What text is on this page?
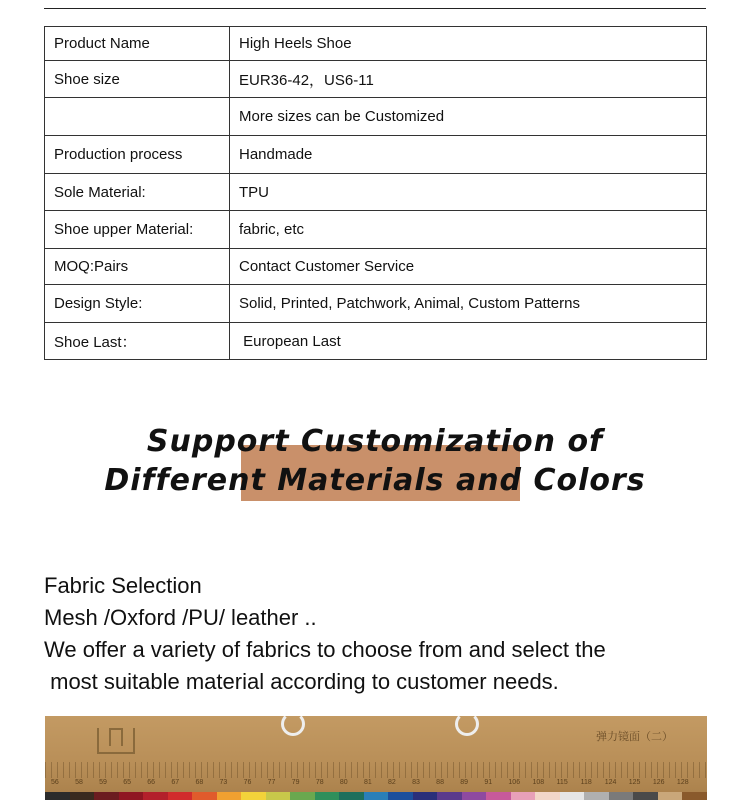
Product Name	High Heels Shoe
Shoe size	EUR36-42，US6-11
	More sizes can be Customized
Production process	Handmade
Sole Material:	TPU
Shoe upper Material:	fabric, etc
MOQ:Pairs	Contact Customer Service
Design Style:	Solid, Printed, Patchwork, Animal, Custom Patterns
Shoe Last：	European Last
Support Customization of
Different Materials and Colors
Fabric Selection
Mesh /Oxford /PU/ leather ..
We offer a variety of fabrics to choose from and select the
most suitable material according to customer needs.
弹力镜面（二）
56 58 59 65 66 67 68 73 76 77 79 78 80 81 82 83 88 89 91 106 108 115 118 124 125 126 128
